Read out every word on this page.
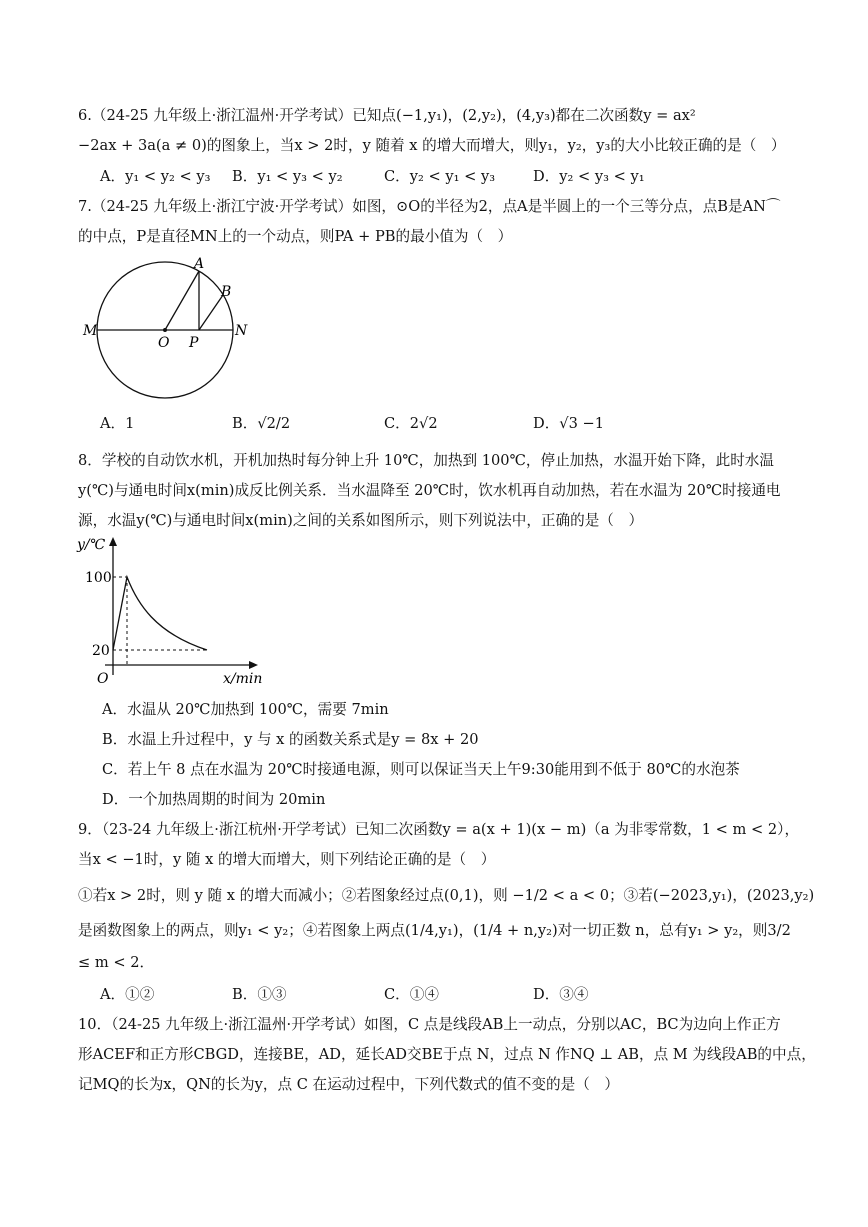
6.（24-25 九年级上·浙江温州·开学考试）已知点(−1,y₁)，(2,y₂)，(4,y₃)都在二次函数y = ax²
−2ax + 3a(a ≠ 0)的图象上，当x > 2时，y 随着 x 的增大而增大，则y₁，y₂，y₃的大小比较正确的是（　）
A．y₁ < y₂ < y₃ B．y₁ < y₃ < y₂	C．y₂ < y₁ < y₃	D．y₂ < y₃ < y₁
7.（24-25 九年级上·浙江宁波·开学考试）如图，⊙O的半径为2，点A是半圆上的一个三等分点，点B是AN⌒
的中点，P是直径MN上的一个动点，则PA + PB的最小值为（　）
M
O P
N
A
B
A．1	B．√2/2	C．2√2	D．√3 −1
8．学校的自动饮水机，开机加热时每分钟上升 10℃，加热到 100℃，停止加热，水温开始下降，此时水温
y(℃)与通电时间x(min)成反比例关系．当水温降至 20℃时，饮水机再自动加热，若在水温为 20℃时接通电
源，水温y(℃)与通电时间x(min)之间的关系如图所示，则下列说法中，正确的是（　）
y/℃
100
20
O	x/min
A．水温从 20℃加热到 100℃，需要 7min
B．水温上升过程中，y 与 x 的函数关系式是y = 8x + 20
C．若上午 8 点在水温为 20℃时接通电源，则可以保证当天上午9:30能用到不低于 80℃的水泡茶
D．一个加热周期的时间为 20min
9．（23-24 九年级上·浙江杭州·开学考试）已知二次函数y = a(x + 1)(x − m)（a 为非零常数，1 < m < 2），
当x < −1时，y 随 x 的增大而增大，则下列结论正确的是（　）
①若x > 2时，则 y 随 x 的增大而减小；②若图象经过点(0,1)，则 −1/2 < a < 0；③若(−2023,y₁)，(2023,y₂)
是函数图象上的两点，则y₁ < y₂；④若图象上两点(1/4,y₁)，(1/4 + n,y₂)对一切正数 n，总有y₁ > y₂，则3/2
≤ m < 2．
A．①②	B．①③	C．①④	D．③④
10．（24-25 九年级上·浙江温州·开学考试）如图，C 点是线段AB上一动点，分别以AC，BC为边向上作正方
形ACEF和正方形CBGD，连接BE，AD，延长AD交BE于点 N，过点 N 作NQ ⊥ AB，点 M 为线段AB的中点，
记MQ的长为x，QN的长为y，点 C 在运动过程中，下列代数式的值不变的是（　）
